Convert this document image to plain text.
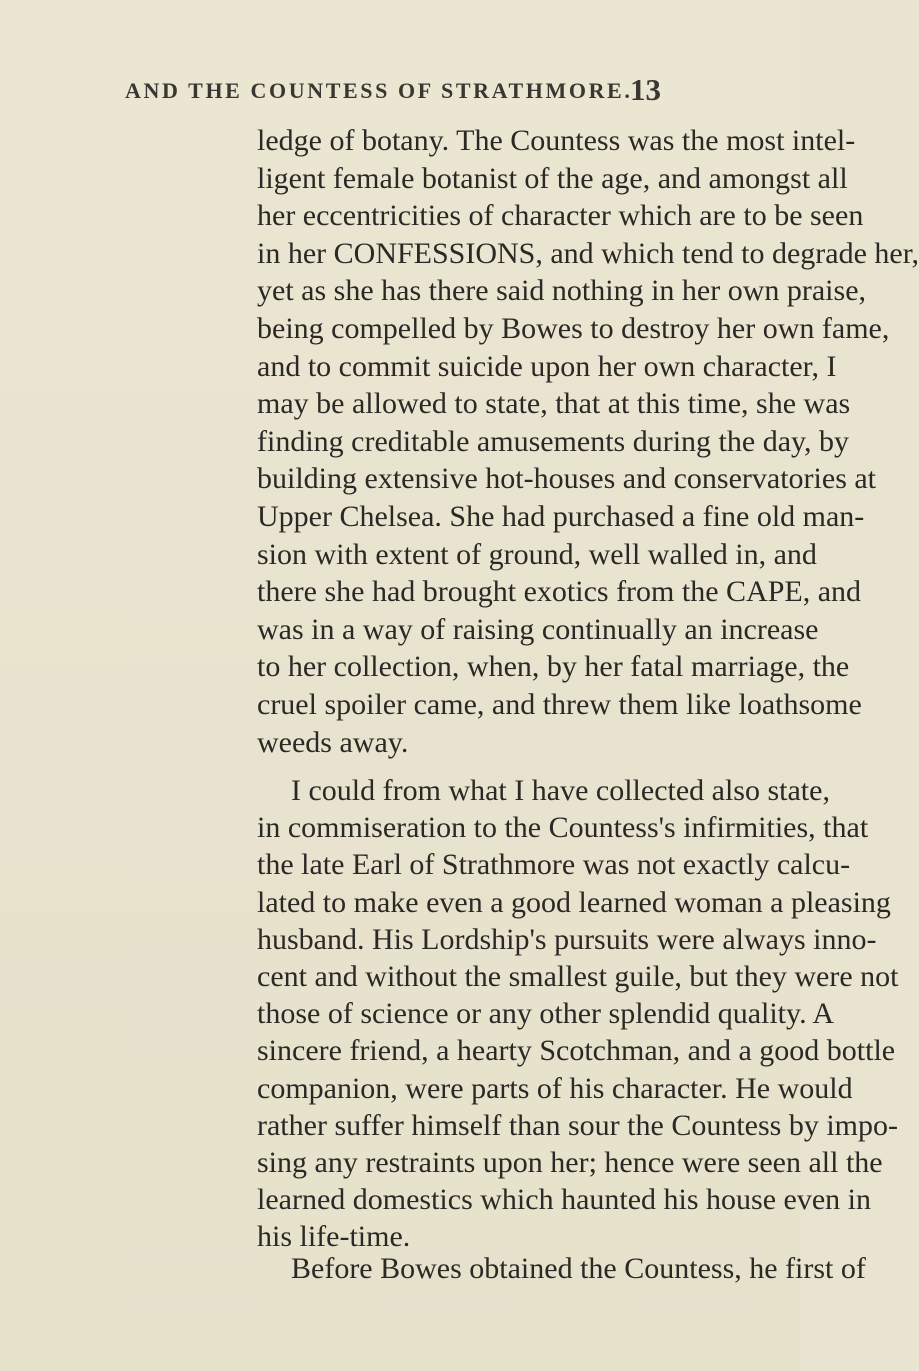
AND THE COUNTESS OF STRATHMORE.
13
ledge of botany. The Countess was the most intel-
ligent female botanist of the age, and amongst all
her eccentricities of character which are to be seen
in her CONFESSIONS, and which tend to degrade her,
yet as she has there said nothing in her own praise,
being compelled by Bowes to destroy her own fame,
and to commit suicide upon her own character, I
may be allowed to state, that at this time, she was
finding creditable amusements during the day, by
building extensive hot-houses and conservatories at
Upper Chelsea. She had purchased a fine old man-
sion with extent of ground, well walled in, and
there she had brought exotics from the CAPE, and
was in a way of raising continually an increase
to her collection, when, by her fatal marriage, the
cruel spoiler came, and threw them like loathsome
weeds away.
I could from what I have collected also state,
in commiseration to the Countess's infirmities, that
the late Earl of Strathmore was not exactly calcu-
lated to make even a good learned woman a pleasing
husband. His Lordship's pursuits were always inno-
cent and without the smallest guile, but they were not
those of science or any other splendid quality. A
sincere friend, a hearty Scotchman, and a good bottle
companion, were parts of his character. He would
rather suffer himself than sour the Countess by impo-
sing any restraints upon her; hence were seen all the
learned domestics which haunted his house even in
his life-time.
Before Bowes obtained the Countess, he first of
